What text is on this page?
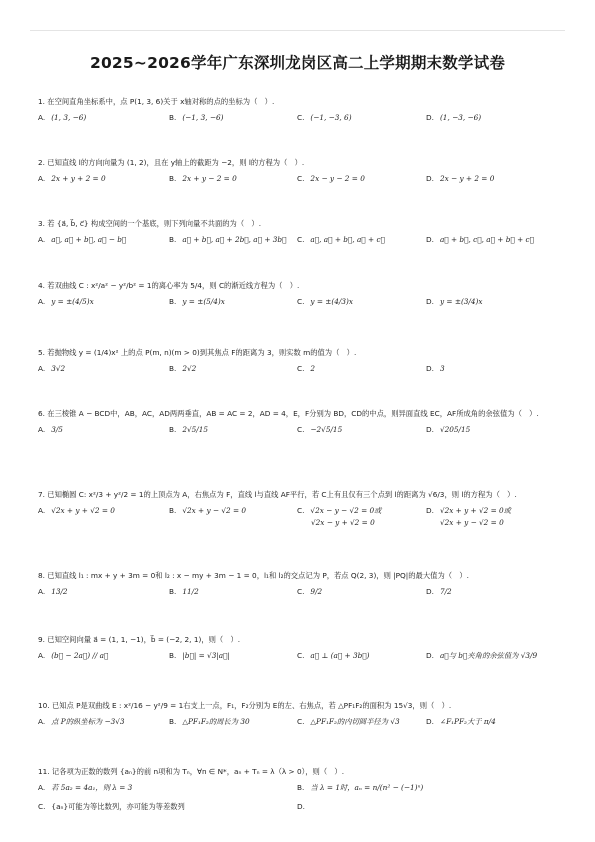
2025~2026学年广东深圳龙岗区高二上学期期末数学试卷
1. 在空间直角坐标系中，点 P(1, 3, 6)关于 x轴对称的点的坐标为（　）.
A. (1, 3, −6)	B. (−1, 3, −6)	C. (−1, −3, 6)	D. (1, −3, −6)
2. 已知直线 l的方向向量为 (1, 2)，且在 y轴上的截距为 −2，则 l的方程为（　）.
A. 2x + y + 2 = 0	B. 2x + y − 2 = 0	C. 2x − y − 2 = 0	D. 2x − y + 2 = 0
3. 若 {a⃗, b⃗, c⃗} 构成空间的一个基底，则下列向量不共面的为（　）.
A. a⃗, a⃗ + b⃗, a⃗ − b⃗	B. a⃗ + b⃗, a⃗ + 2b⃗, a⃗ + 3b⃗ C. a⃗, a⃗ + b⃗, a⃗ + c⃗	D. a⃗ + b⃗, c⃗, a⃗ + b⃗ + c⃗
4. 若双曲线 C : x²/a² − y²/b² = 1的离心率为 5/4，则 C的渐近线方程为（　）.
A. y = ±(4/5)x	B. y = ±(5/4)x	C. y = ±(4/3)x	D. y = ±(3/4)x
5. 若抛物线 y = (1/4)x² 上的点 P(m, n)(m > 0)到其焦点 F的距离为 3，则实数 m的值为（　）.
A. 3√2	B. 2√2	C. 2	D. 3
6. 在三棱锥 A − BCD中，AB，AC，AD两两垂直，AB = AC = 2，AD = 4，E，F分别为 BD，CD的中点，则异面直线 EC，AF所成角的余弦值为（　）.
A. 3/5	B. 2√5/15	C. −2√5/15	D. √205/15
7. 已知椭圆 C: x²/3 + y²/2 = 1的上顶点为 A，右焦点为 F，直线 l与直线 AF平行，若 C上有且仅有三个点到 l的距离为 √6/3，则 l的方程为（　）.
A. √2x + y + √2 = 0	B. √2x + y − √2 = 0	C. √2x − y − √2 = 0或
√2x − y + √2 = 0
D. √2x + y + √2 = 0或
√2x + y − √2 = 0
8. 已知直线 l₁ : mx + y + 3m = 0和 l₂ : x − my + 3m − 1 = 0，l₁和 l₂的交点记为 P，若点 Q(2, 3)，则 |PQ|的最大值为（　）.
A. 13/2	B. 11/2	C. 9/2	D. 7/2
9. 已知空间向量 a⃗ = (1, 1, −1)，b⃗ = (−2, 2, 1)，则（　）.
A. (b⃗ − 2a⃗) // a⃗	B. |b⃗| = √3|a⃗|	C. a⃗ ⊥ (a⃗ + 3b⃗)	D. a⃗与 b⃗夹角的余弦值为 √3/9
10. 已知点 P是双曲线 E : x²/16 − y²/9 = 1右支上一点，F₁，F₂分别为 E的左、右焦点，若 △PF₁F₂的面积为 15√3，则（　）.
A. 点 P的纵坐标为 −3√3	B. △PF₁F₂的周长为 30	C. △PF₁F₂的内切圆半径为 √3	D. ∠F₁PF₂大于 π/4
11. 记各项为正数的数列 {aₙ}的前 n项和为 Tₙ，∀n ∈ N*，aₙ + Tₙ = λ（λ > 0），则（　）.
A. 若 5a₂ = 4a₁，则 λ = 3	B. 当 λ = 1时，aₙ = n/(n² − (−1)ⁿ)
C. {aₙ}可能为等比数列，亦可能为等差数列	D.
